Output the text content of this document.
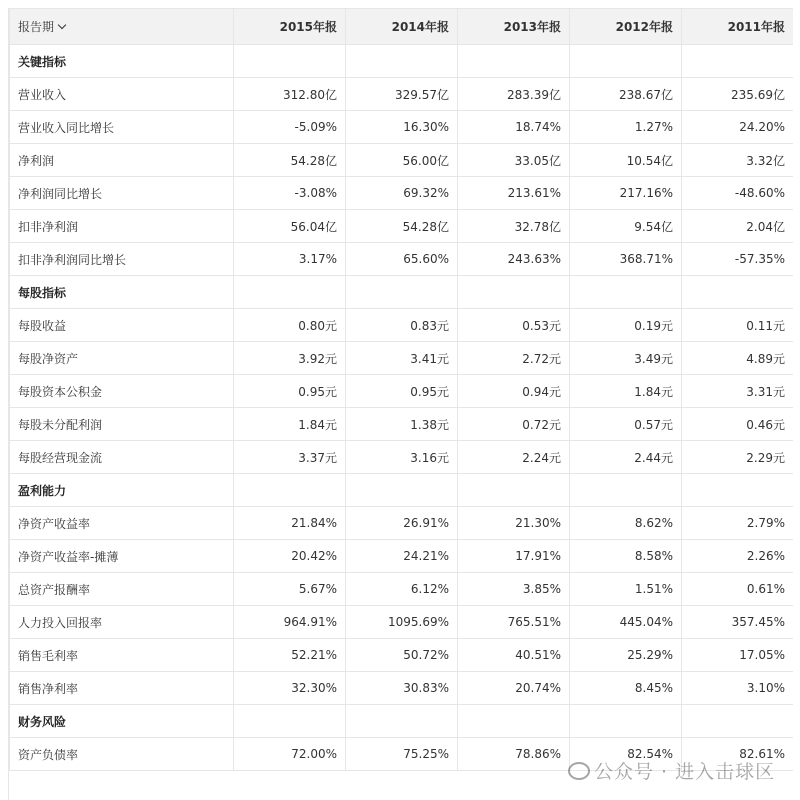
报告期	2015年报	2014年报	2013年报	2012年报	2011年报
关键指标					
营业收入	312.80亿	329.57亿	283.39亿	238.67亿	235.69亿
营业收入同比增长	-5.09%	16.30%	18.74%	1.27%	24.20%
净利润	54.28亿	56.00亿	33.05亿	10.54亿	3.32亿
净利润同比增长	-3.08%	69.32%	213.61%	217.16%	-48.60%
扣非净利润	56.04亿	54.28亿	32.78亿	9.54亿	2.04亿
扣非净利润同比增长	3.17%	65.60%	243.63%	368.71%	-57.35%
每股指标					
每股收益	0.80元	0.83元	0.53元	0.19元	0.11元
每股净资产	3.92元	3.41元	2.72元	3.49元	4.89元
每股资本公积金	0.95元	0.95元	0.94元	1.84元	3.31元
每股未分配利润	1.84元	1.38元	0.72元	0.57元	0.46元
每股经营现金流	3.37元	3.16元	2.24元	2.44元	2.29元
盈利能力					
净资产收益率	21.84%	26.91%	21.30%	8.62%	2.79%
净资产收益率-摊薄	20.42%	24.21%	17.91%	8.58%	2.26%
总资产报酬率	5.67%	6.12%	3.85%	1.51%	0.61%
人力投入回报率	964.91%	1095.69%	765.51%	445.04%	357.45%
销售毛利率	52.21%	50.72%	40.51%	25.29%	17.05%
销售净利率	32.30%	30.83%	20.74%	8.45%	3.10%
财务风险					
资产负债率	72.00%	75.25%	78.86%	82.54%	82.61%
公众号 · 进入击球区
